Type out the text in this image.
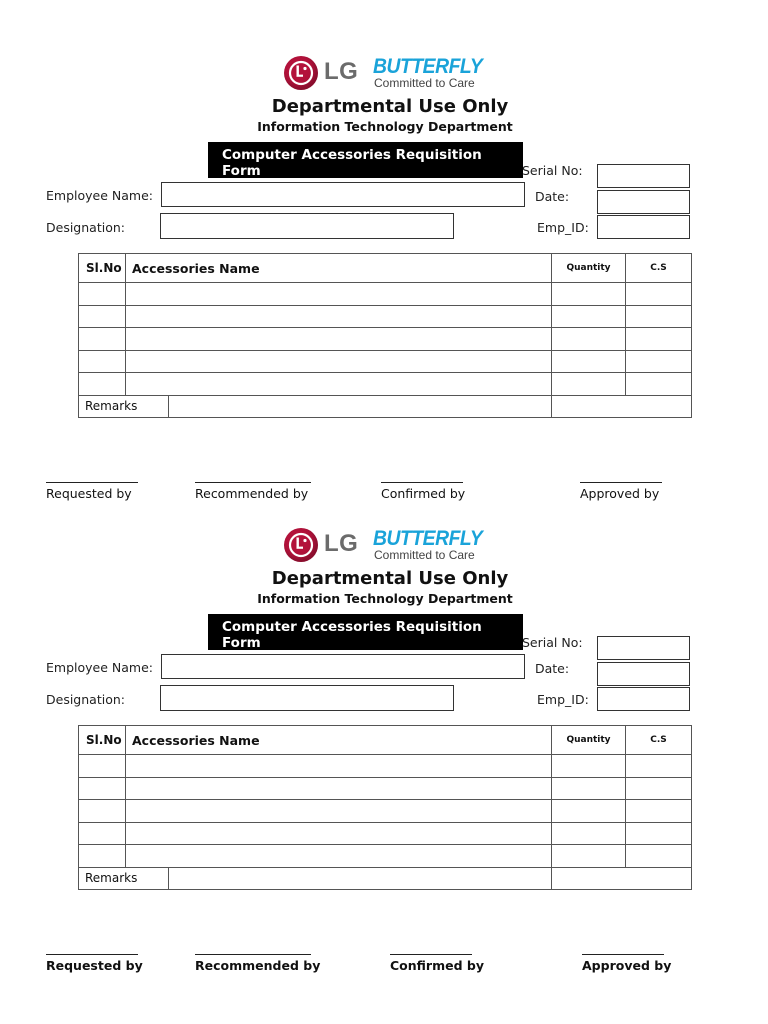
LG BUTTERFLY
Committed to Care
Departmental Use Only
Information Technology Department
Computer Accessories Requisition Form	Serial No:
Employee Name:	Date:
Designation:	Emp_ID:
Sl.No	Accessories Name	Quantity	C.S

Remarks			

Requested by	Recommended by	Confirmed by	Approved by
LG BUTTERFLY
Committed to Care
Departmental Use Only
Information Technology Department
Computer Accessories Requisition Form	Serial No:
Employee Name:	Date:
Designation:	Emp_ID:
Sl.No	Accessories Name	Quantity	C.S

Remarks			

Requested by	Recommended by	Confirmed by	Approved by
